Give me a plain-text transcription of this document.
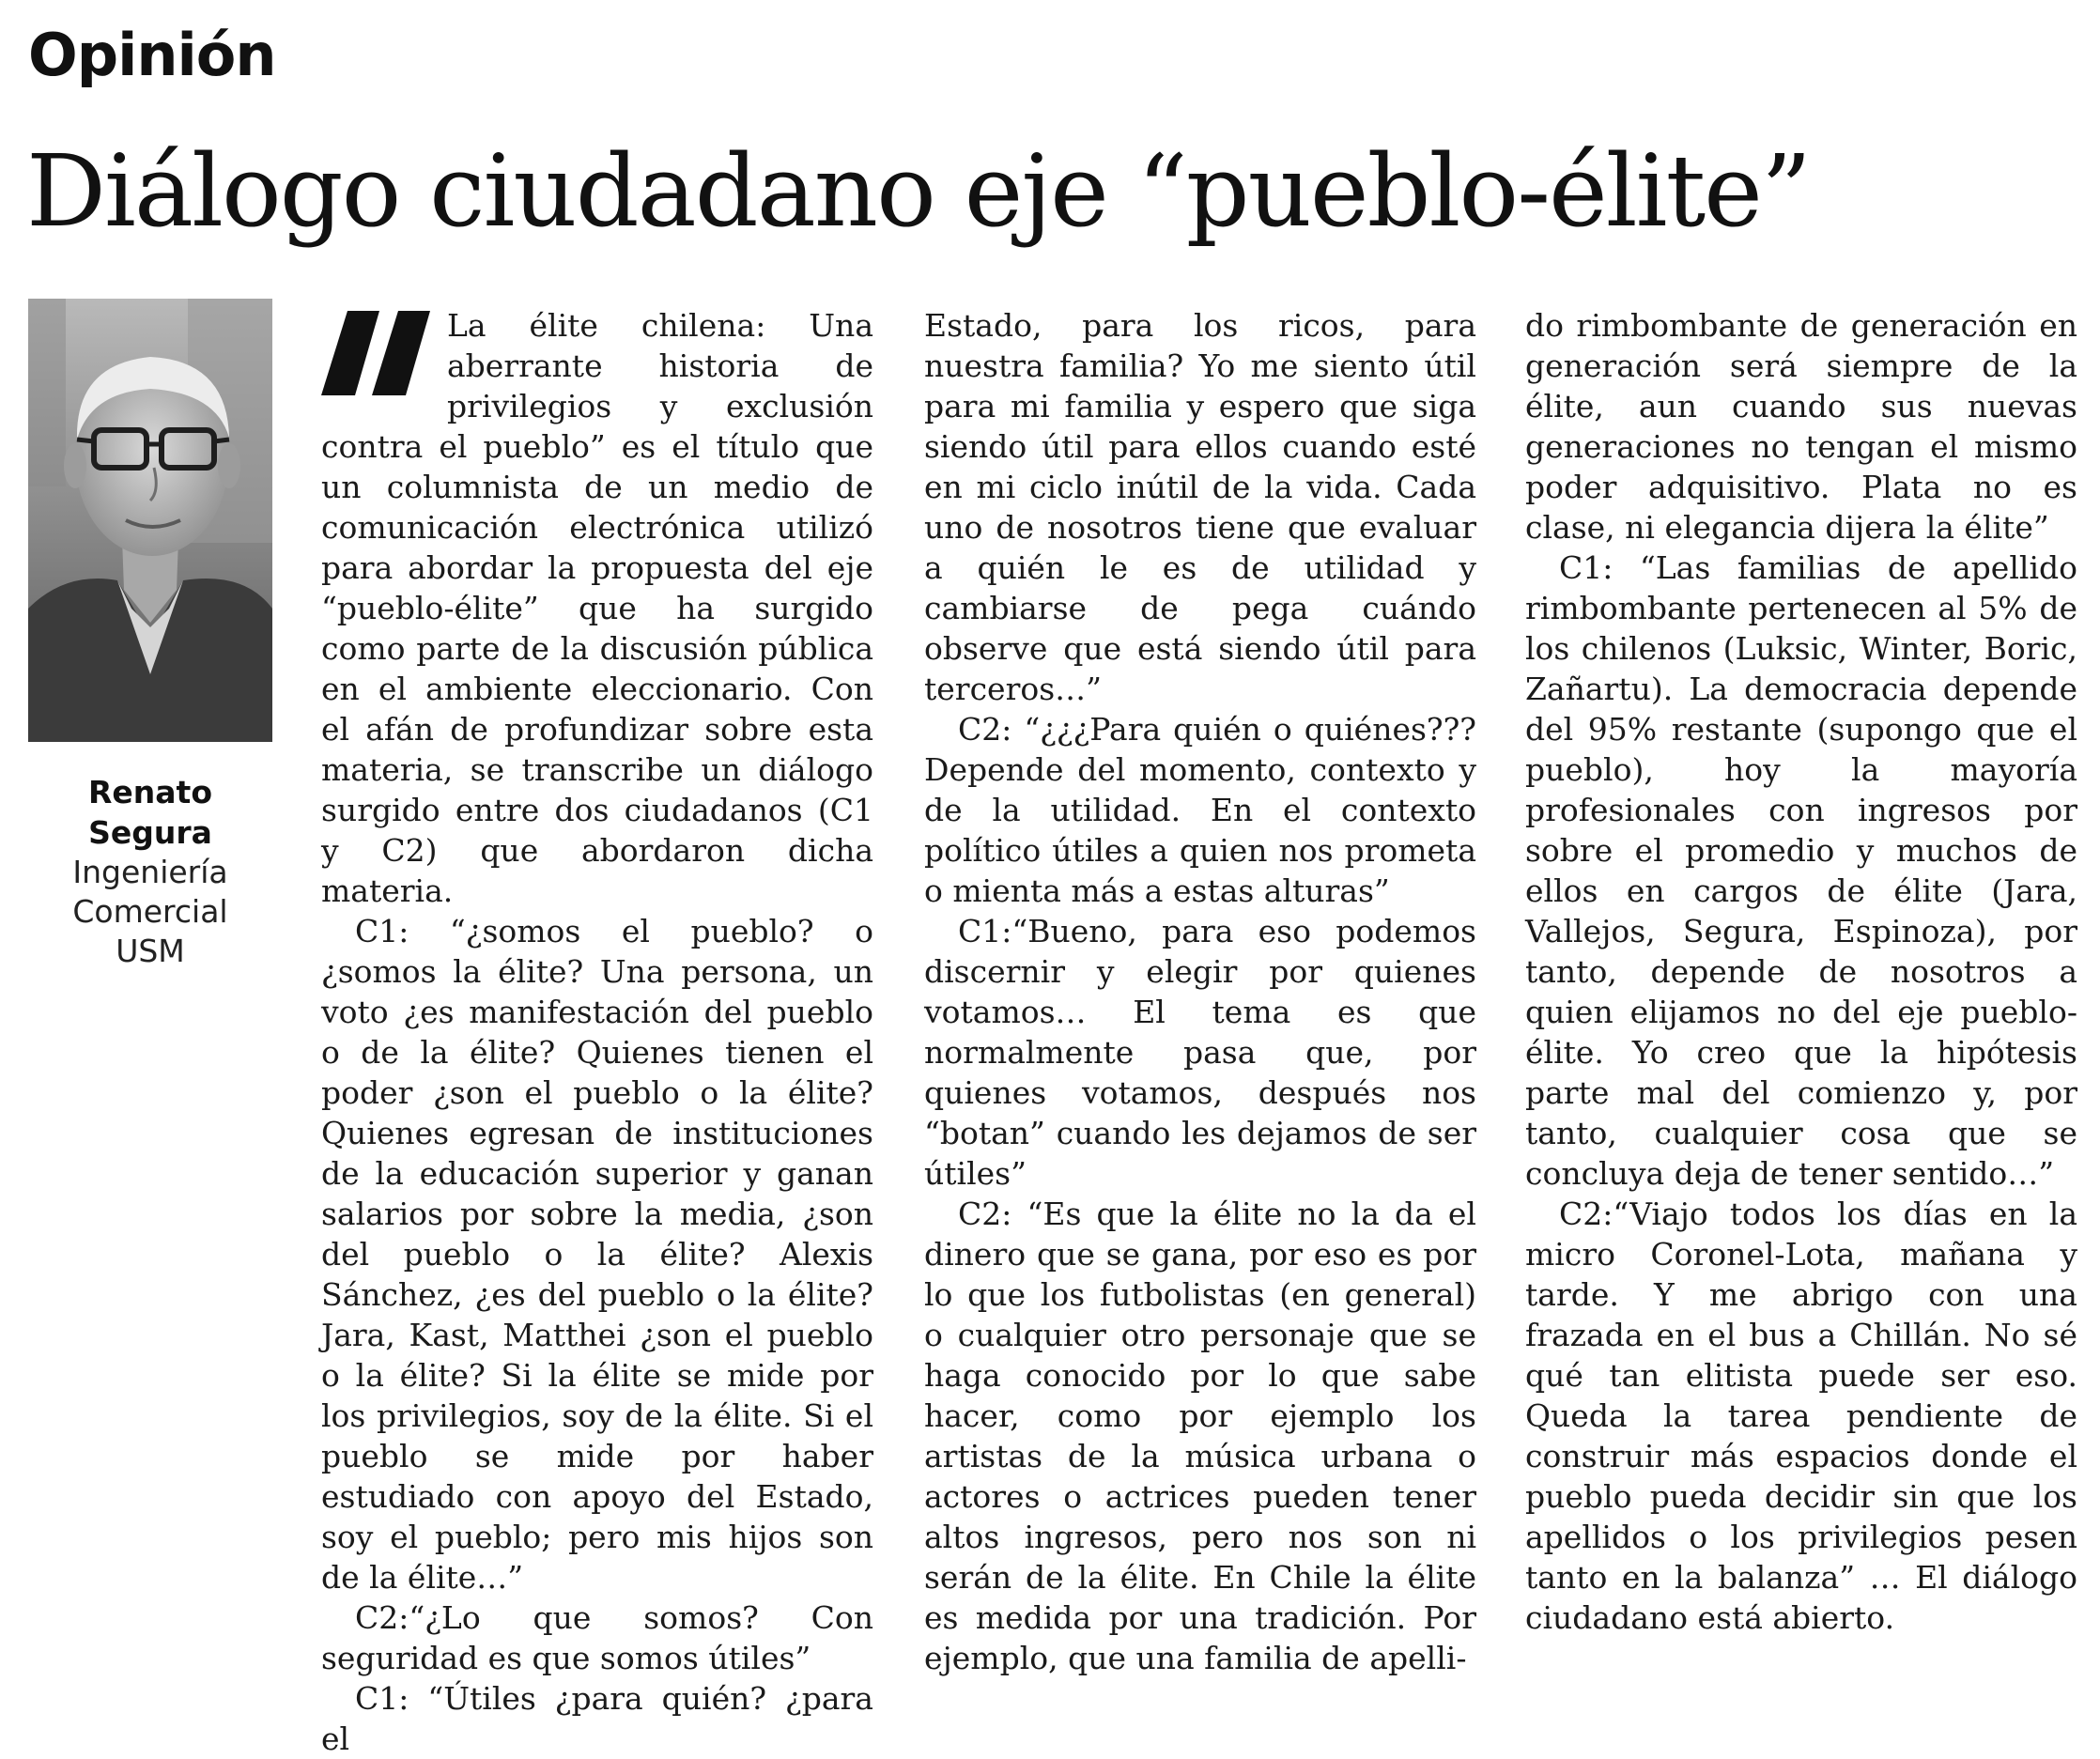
Opinión
Diálogo ciudadano eje “pueblo-élite”
Renato
Segura
Ingeniería
Comercial
USM

La élite chilena: Una aberrante historia de privilegios y exclusión contra el pueblo” es el título que un columnista de un medio de comunicación electrónica utilizó para abordar la propuesta del eje “pueblo-élite” que ha surgido como parte de la discusión pública en el ambiente eleccionario. Con el afán de profundizar sobre esta materia, se transcribe un diálogo surgido entre dos ciudadanos (C1 y C2) que abordaron dicha materia.

C1: “¿somos el pueblo? o ¿somos la élite? Una persona, un voto ¿es manifestación del pueblo o de la élite? Quienes tienen el poder ¿son el pueblo o la élite? Quienes egresan de instituciones de la educación superior y ganan salarios por sobre la media, ¿son del pueblo o la élite? Alexis Sánchez, ¿es del pueblo o la élite? Jara, Kast, Matthei ¿son el pueblo o la élite? Si la élite se mide por los privilegios, soy de la élite. Si el pueblo se mide por haber estudiado con apoyo del Estado, soy el pueblo; pero mis hijos son de la élite…”

C2:“¿Lo que somos? Con seguridad es que somos útiles”

C1: “Útiles ¿para quién? ¿para el

Estado, para los ricos, para nuestra familia? Yo me siento útil para mi familia y espero que siga siendo útil para ellos cuando esté en mi ciclo inútil de la vida. Cada uno de nosotros tiene que evaluar a quién le es de utilidad y cambiarse de pega cuándo observe que está siendo útil para terceros…”

C2: “¿¿¿Para quién o quiénes??? Depende del momento, contexto y de la utilidad. En el contexto político útiles a quien nos prometa o mienta más a estas alturas”

C1:“Bueno, para eso podemos discernir y elegir por quienes votamos… El tema es que normalmente pasa que, por quienes votamos, después nos “botan” cuando les dejamos de ser útiles”

C2: “Es que la élite no la da el dinero que se gana, por eso es por lo que los futbolistas (en general) o cualquier otro personaje que se haga conocido por lo que sabe hacer, como por ejemplo los artistas de la música urbana o actores o actrices pueden tener altos ingresos, pero nos son ni serán de la élite. En Chile la élite es medida por una tradición. Por ejemplo, que una familia de apelli-

do rimbombante de generación en generación será siempre de la élite, aun cuando sus nuevas generaciones no tengan el mismo poder adquisitivo. Plata no es clase, ni elegancia dijera la élite”

C1: “Las familias de apellido rimbombante pertenecen al 5% de los chilenos (Luksic, Winter, Boric, Zañartu). La democracia depende del 95% restante (supongo que el pueblo), hoy la mayoría profesionales con ingresos por sobre el promedio y muchos de ellos en cargos de élite (Jara, Vallejos, Segura, Espinoza), por tanto, depende de nosotros a quien elijamos no del eje pueblo-élite. Yo creo que la hipótesis parte mal del comienzo y, por tanto, cualquier cosa que se concluya deja de tener sentido…”

C2:“Viajo todos los días en la micro Coronel-Lota, mañana y tarde. Y me abrigo con una frazada en el bus a Chillán. No sé qué tan elitista puede ser eso. Queda la tarea pendiente de construir más espacios donde el pueblo pueda decidir sin que los apellidos o los privilegios pesen tanto en la balanza” … El diálogo ciudadano está abierto.
